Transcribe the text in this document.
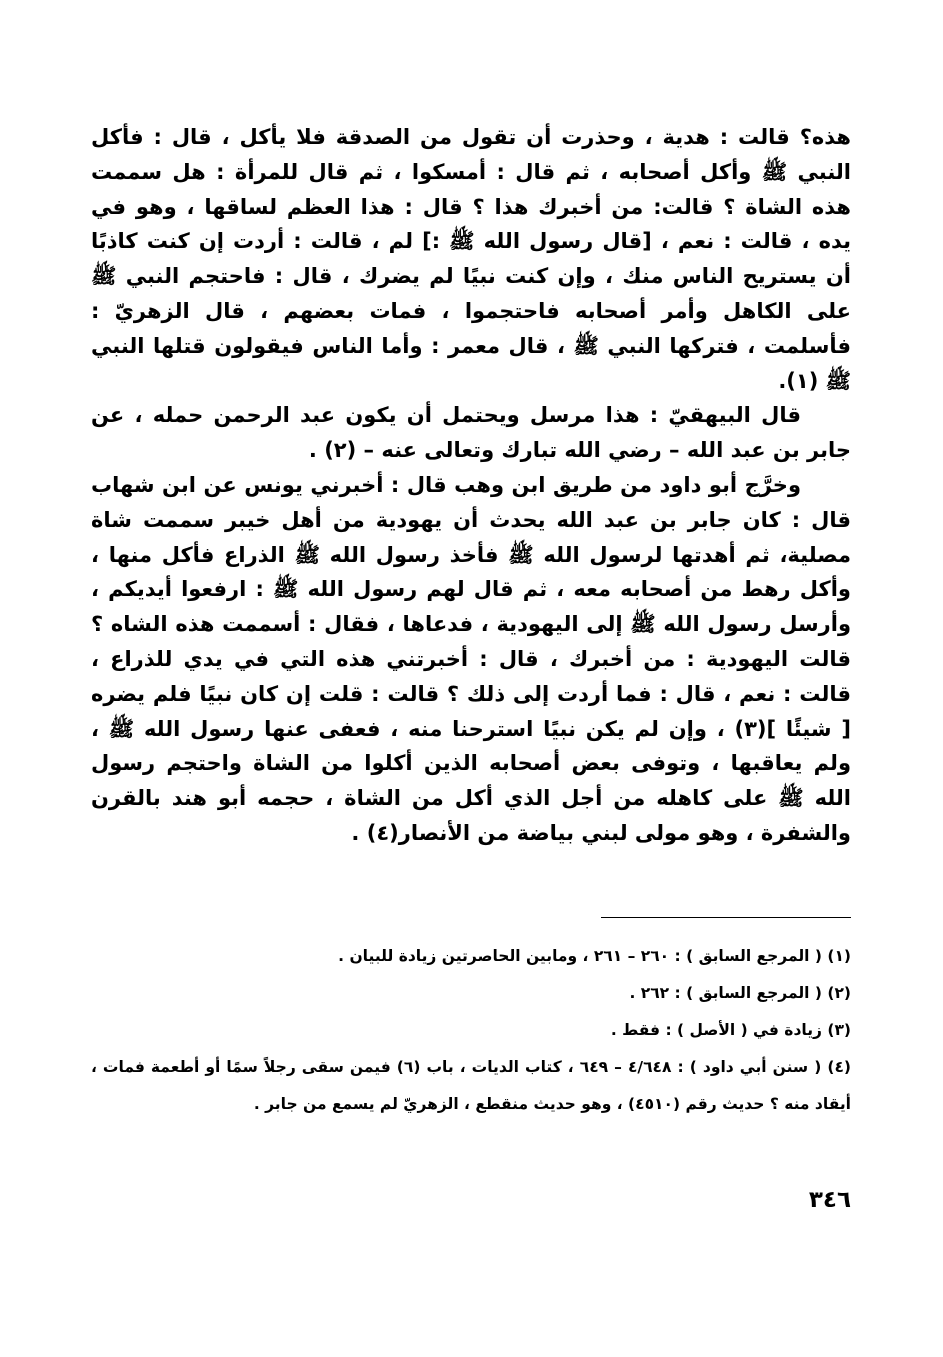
هذه؟ قالت : هدية ، وحذرت أن تقول من الصدقة فلا يأكل ، قال : فأكل النبي ﷺ وأكل أصحابه ، ثم قال : أمسكوا ، ثم قال للمرأة : هل سممت هذه الشاة ؟ قالت: من أخبرك هذا ؟ قال : هذا العظم لساقها ، وهو في يده ، قالت : نعم ، [قال رسول الله ﷺ :] لم ، قالت : أردت إن كنت كاذبًا أن يستريح الناس منك ، وإن كنت نبيًا لم يضرك ، قال : فاحتجم النبي ﷺ على الكاهل وأمر أصحابه فاحتجموا ، فمات بعضهم ، قال الزهريّ : فأسلمت ، فتركها النبي ﷺ ، قال معمر : وأما الناس فيقولون قتلها النبي ﷺ (١).

قال البيهقيّ : هذا مرسل ويحتمل أن يكون عبد الرحمن حمله ، عن جابر بن عبد الله – رضي الله تبارك وتعالى عنه – (٢) .

وخرَّج أبو داود من طريق ابن وهب قال : أخبرني يونس عن ابن شهاب قال : كان جابر بن عبد الله يحدث أن يهودية من أهل خيبر سممت شاة مصلية، ثم أهدتها لرسول الله ﷺ فأخذ رسول الله ﷺ الذراع فأكل منها ، وأكل رهط من أصحابه معه ، ثم قال لهم رسول الله ﷺ : ارفعوا أيديكم ، وأرسل رسول الله ﷺ إلى اليهودية ، فدعاها ، فقال : أسممت هذه الشاه ؟ قالت اليهودية : من أخبرك ، قال : أخبرتني هذه التي في يدي للذراع ، قالت : نعم ، قال : فما أردت إلى ذلك ؟ قالت : قلت إن كان نبيًا فلم يضره [ شيئًا ](٣) ، وإن لم يكن نبيًا استرحنا منه ، فعفى عنها رسول الله ﷺ ، ولم يعاقبها ، وتوفى بعض أصحابه الذين أكلوا من الشاة واحتجم رسول الله ﷺ على كاهله من أجل الذي أكل من الشاة ، حجمه أبو هند بالقرن والشفرة ، وهو مولى لبني بياضة من الأنصار(٤) .

(١) ( المرجع السابق ) : ٢٦٠ – ٢٦١ ، ومابين الحاصرتين زيادة للبيان .

(٢) ( المرجع السابق ) : ٢٦٢ .

(٣) زيادة في ( الأصل ) : فقط .

(٤) ( سنن أبي داود ) : ٤/٦٤٨ – ٦٤٩ ، كتاب الديات ، باب (٦) فيمن سقى رجلاً سمًا أو أطعمة فمات ، أيقاد منه ؟ حديث رقم (٤٥١٠) ، وهو حديث منقطع ، الزهريّ لم يسمع من جابر .

٣٤٦
